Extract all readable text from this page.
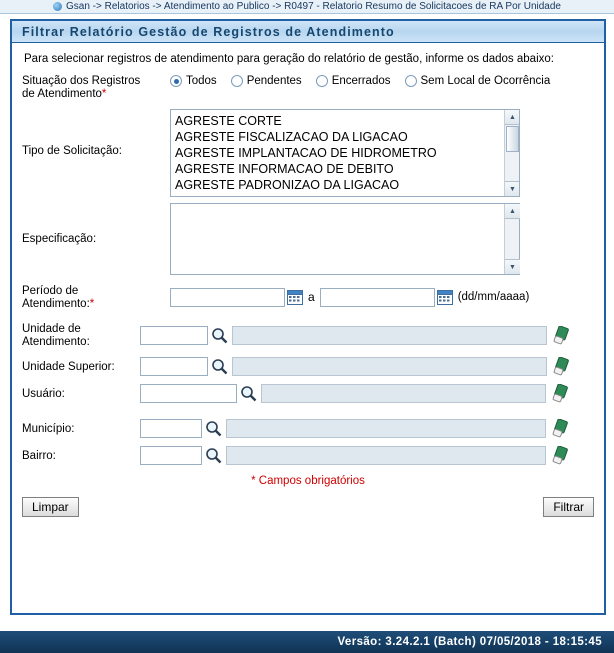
Gsan -> Relatorios -> Atendimento ao Publico -> R0497 - Relatorio Resumo de Solicitacoes de RA Por Unidade
Filtrar Relatório Gestão de Registros de Atendimento
Para selecionar registros de atendimento para geração do relatório de gestão, informe os dados abaixo:
Situação dos Registros
de Atendimento*
Todos	Pendentes	Encerrados	Sem Local de Ocorrência
Tipo de Solicitação:
AGRESTE CORTE
AGRESTE FISCALIZACAO DA LIGACAO
AGRESTE IMPLANTACAO DE HIDROMETRO
AGRESTE INFORMACAO DE DEBITO
AGRESTE PADRONIZAO DA LIGACAO
▲
▼
Especificação:
▲
▼
Período de
Atendimento:*	a	(dd/mm/aaaa)
Unidade de
Atendimento:
Unidade Superior:
Usuário:
Município:
Bairro:
* Campos obrigatórios
Limpar	Filtrar
Versão: 3.24.2.1 (Batch) 07/05/2018 - 18:15:45
